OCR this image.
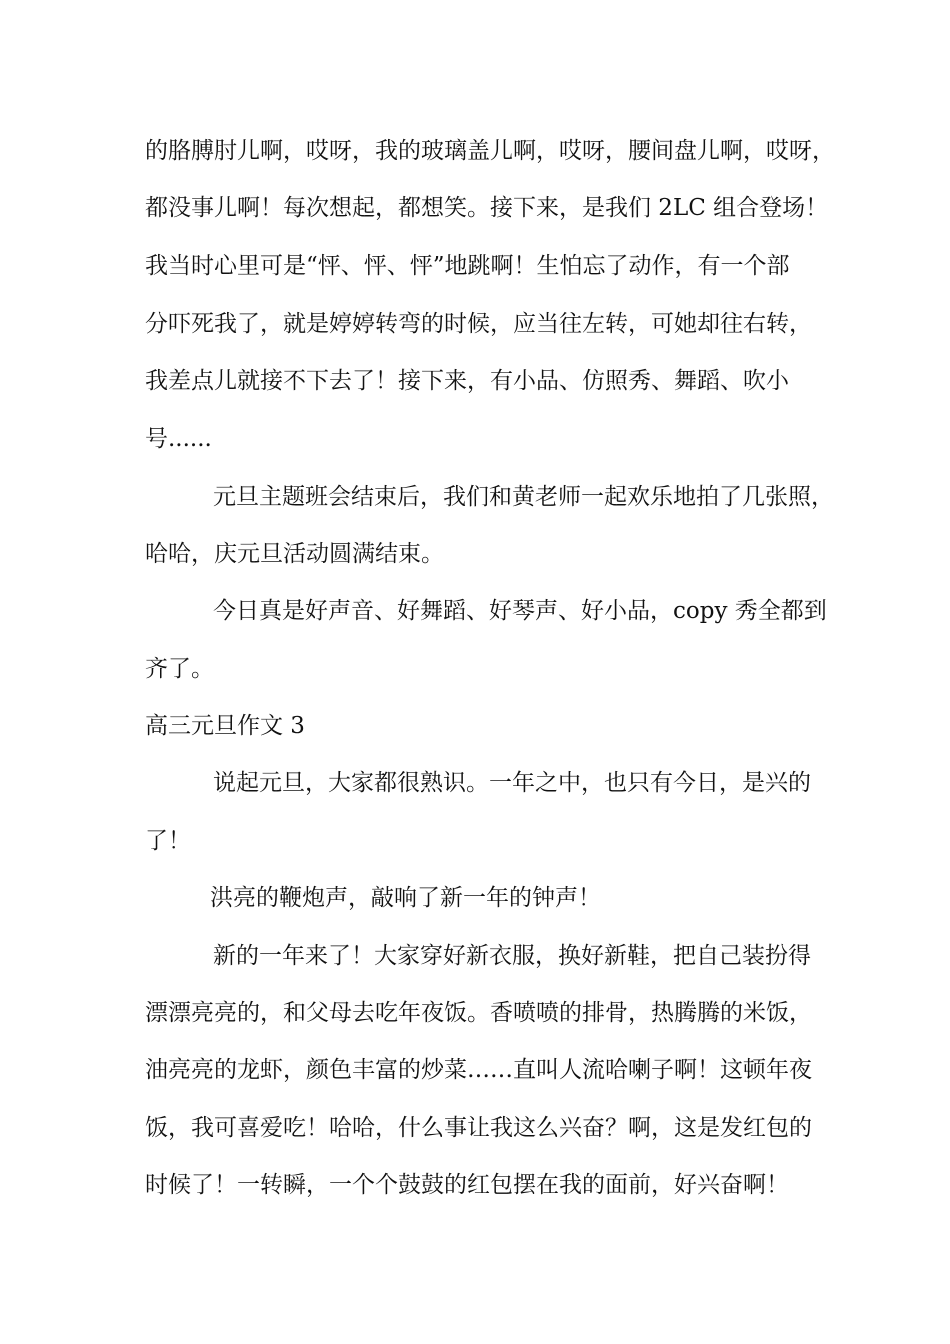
的胳膊肘儿啊，哎呀，我的玻璃盖儿啊，哎呀，腰间盘儿啊，哎呀，
都没事儿啊！每次想起，都想笑。接下来，是我们 2LC 组合登场！
我当时心里可是“怦、怦、怦”地跳啊！生怕忘了动作，有一个部
分吓死我了，就是婷婷转弯的时候，应当往左转，可她却往右转，
我差点儿就接不下去了！接下来，有小品、仿照秀、舞蹈、吹小
号......
元旦主题班会结束后，我们和黄老师一起欢乐地拍了几张照，
哈哈，庆元旦活动圆满结束。
今日真是好声音、好舞蹈、好琴声、好小品，copy 秀全都到
齐了。
高三元旦作文 3
说起元旦，大家都很熟识。一年之中，也只有今日，是兴的
了！
洪亮的鞭炮声，敲响了新一年的钟声！
新的一年来了！大家穿好新衣服，换好新鞋，把自己装扮得
漂漂亮亮的，和父母去吃年夜饭。香喷喷的排骨，热腾腾的米饭，
油亮亮的龙虾，颜色丰富的炒菜……直叫人流哈喇子啊！这顿年夜
饭，我可喜爱吃！哈哈，什么事让我这么兴奋？啊，这是发红包的
时候了！一转瞬，一个个鼓鼓的红包摆在我的面前，好兴奋啊！
